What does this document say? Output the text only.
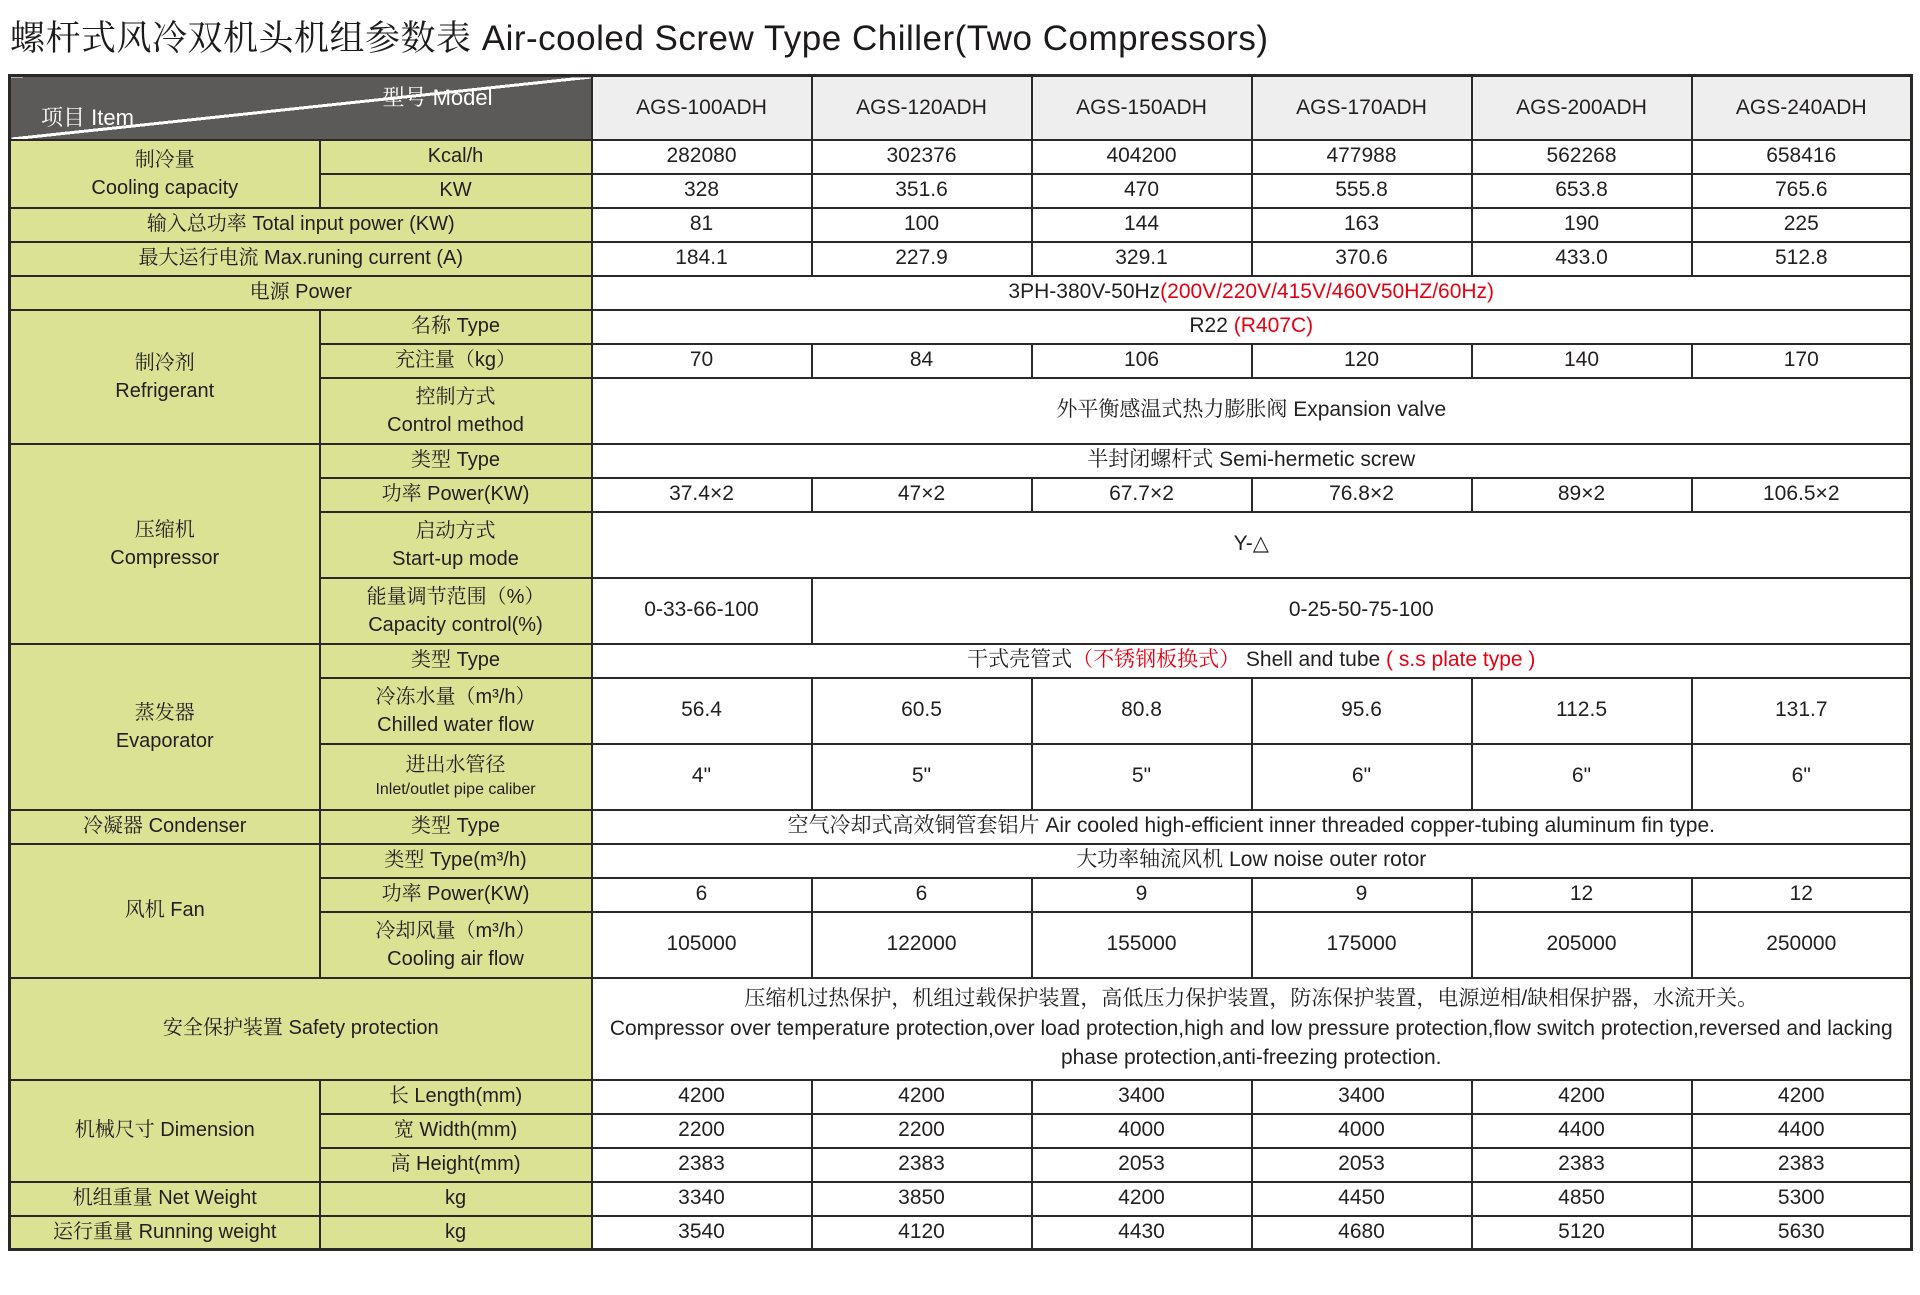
螺杆式风冷双机头机组参数表 Air-cooled Screw Type Chiller(Two Compressors)
型号 Model
项目 Item		AGS-100ADH	AGS-120ADH	AGS-150ADH	AGS-170ADH	AGS-200ADH	AGS-240ADH

制冷量
Cooling capacity	Kcal/h	282080	302376	404200	477988	562268	658416
	KW	328	351.6	470	555.8	653.8	765.6
输入总功率 Total input power (KW)		81	100	144	163	190	225
最大运行电流 Max.runing current (A)		184.1	227.9	329.1	370.6	433.0	512.8
电源 Power		3PH-380V-50Hz(200V/220V/415V/460V50HZ/60Hz)					

制冷剂
Refrigerant	名称 Type	R22 (R407C)					
	充注量（kg）	70	84	106	120	140	170

	控制方式
Control method	外平衡感温式热力膨胀阀 Expansion valve					

压缩机
Compressor	类型 Type	半封闭螺杆式 Semi-hermetic screw					
	功率 Power(KW)	37.4×2	47×2	67.7×2	76.8×2	89×2	106.5×2

	启动方式
Start-up mode	Y-△					

	能量调节范围（%）
Capacity control(%)	0-33-66-100	0-25-50-75-100				

蒸发器
Evaporator	类型 Type	干式壳管式（不锈钢板换式） Shell and tube ( s.s plate type )					

	冷冻水量（m³/h）
Chilled water flow	56.4	60.5	80.8	95.6	112.5	131.7

	进出水管径
Inlet/outlet pipe caliber	4"	5"	5"	6"	6"	6"
冷凝器 Condenser	类型 Type	空气冷却式高效铜管套铝片 Air cooled high-efficient inner threaded copper-tubing aluminum fin type.					
风机 Fan	类型 Type(m³/h)	大功率轴流风机 Low noise outer rotor					
	功率 Power(KW)	6	6	9	9	12	12

	冷却风量（m³/h）
Cooling air flow	105000	122000	155000	175000	205000	250000
安全保护装置 Safety protection		压缩机过热保护，机组过载保护装置，高低压力保护装置，防冻保护装置，电源逆相/缺相保护器，水流开关。
Compressor over temperature protection,over load protection,high and low pressure protection,flow switch protection,reversed and lacking phase protection,anti-freezing protection.					

机械尺寸 Dimension	长 Length(mm)	4200	4200	3400	3400	4200	4200
	宽 Width(mm)	2200	2200	4000	4000	4400	4400
	高 Height(mm)	2383	2383	2053	2053	2383	2383
机组重量 Net Weight	kg	3340	3850	4200	4450	4850	5300
运行重量 Running weight	kg	3540	4120	4430	4680	5120	5630
